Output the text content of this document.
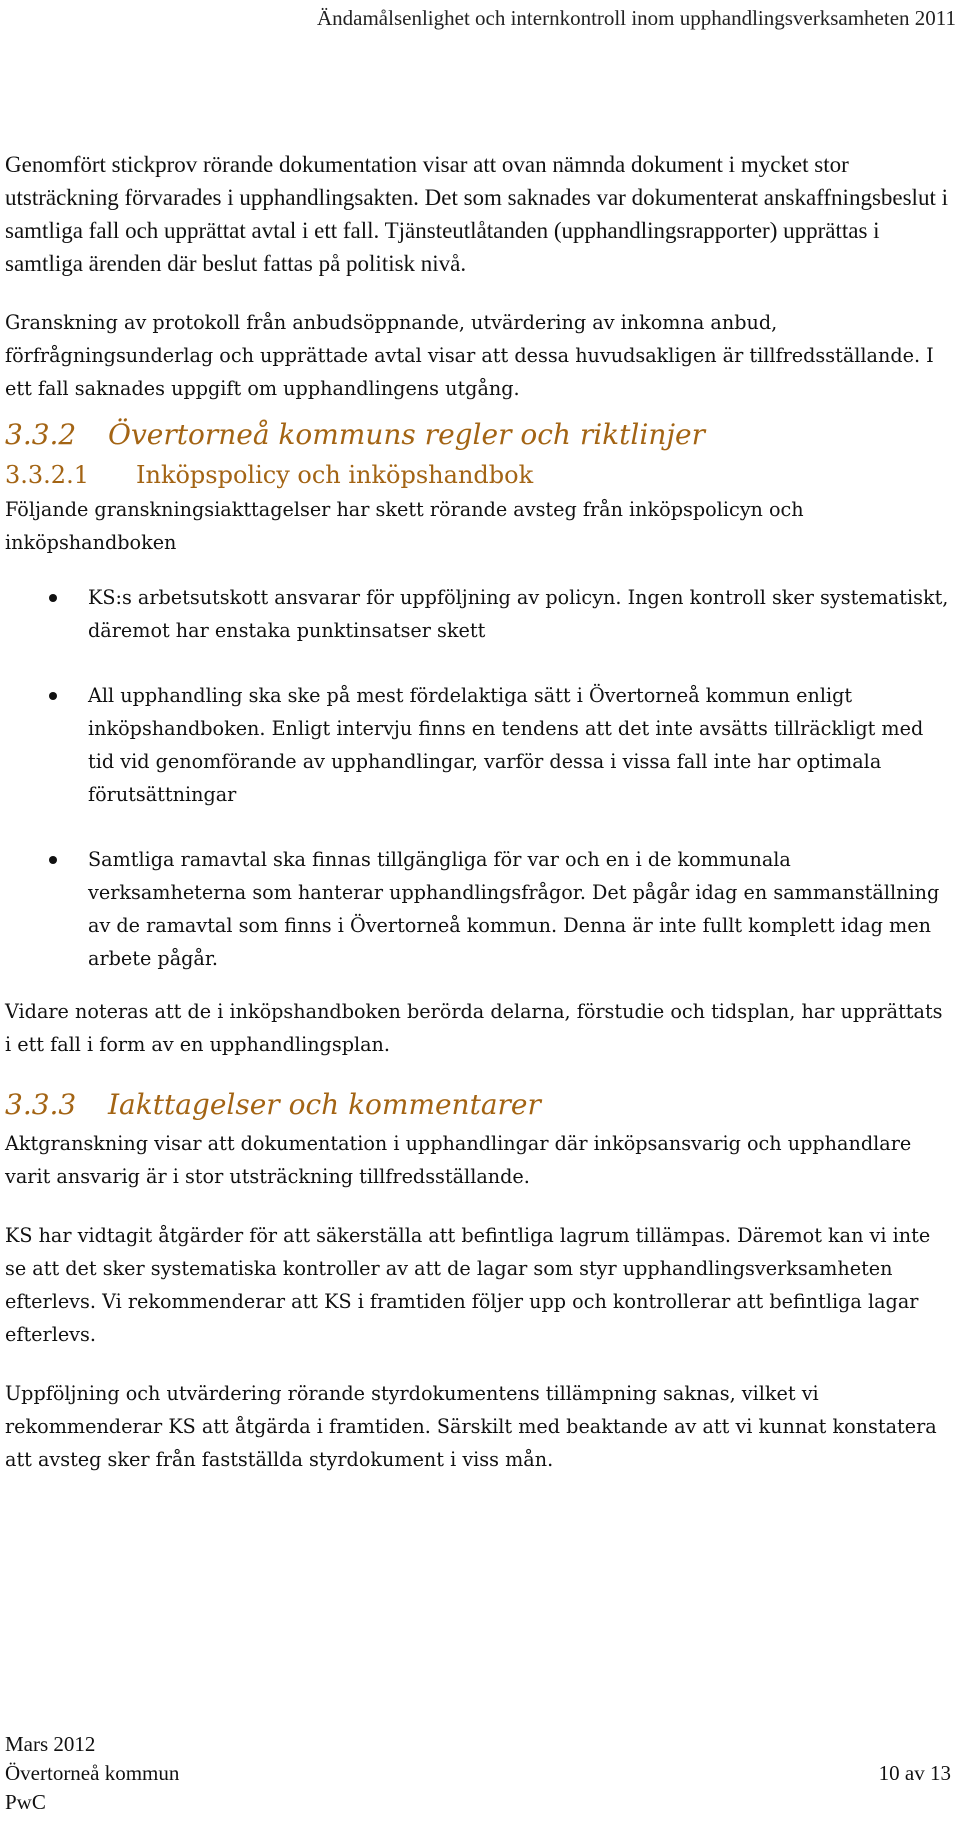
Ändamålsenlighet och internkontroll inom upphandlingsverksamheten 2011

Genomfört stickprov rörande dokumentation visar att ovan nämnda dokument i mycket stor utsträckning förvarades i upphandlingsakten. Det som saknades var dokumenterat anskaffningsbeslut i samtliga fall och upprättat avtal i ett fall. Tjänsteutlåtanden (upphandlingsrapporter) upprättas i samtliga ärenden där beslut fattas på politisk nivå.

Granskning av protokoll från anbudsöppnande, utvärdering av inkomna anbud, förfrågningsunderlag och upprättade avtal visar att dessa huvudsakligen är tillfredsställande. I ett fall saknades uppgift om upphandlingens utgång.

3.3.2 Övertorneå kommuns regler och riktlinjer
3.3.2.1 Inköpspolicy och inköpshandbok

Följande granskningsiakttagelser har skett rörande avsteg från inköpspolicyn och inköpshandboken

KS:s arbetsutskott ansvarar för uppföljning av policyn. Ingen kontroll sker systematiskt, däremot har enstaka punktinsatser skett
All upphandling ska ske på mest fördelaktiga sätt i Övertorneå kommun enligt inköpshandboken. Enligt intervju finns en tendens att det inte avsätts tillräckligt med tid vid genomförande av upphandlingar, varför dessa i vissa fall inte har optimala förutsättningar
Samtliga ramavtal ska finnas tillgängliga för var och en i de kommunala verksamheterna som hanterar upphandlingsfrågor. Det pågår idag en sammanställning av de ramavtal som finns i Övertorneå kommun. Denna är inte fullt komplett idag men arbete pågår.

Vidare noteras att de i inköpshandboken berörda delarna, förstudie och tidsplan, har upprättats i ett fall i form av en upphandlingsplan.

3.3.3 Iakttagelser och kommentarer

Aktgranskning visar att dokumentation i upphandlingar där inköpsansvarig och upphandlare varit ansvarig är i stor utsträckning tillfredsställande.

KS har vidtagit åtgärder för att säkerställa att befintliga lagrum tillämpas. Däremot kan vi inte se att det sker systematiska kontroller av att de lagar som styr upphandlingsverksamheten efterlevs. Vi rekommenderar att KS i framtiden följer upp och kontrollerar att befintliga lagar efterlevs.

Uppföljning och utvärdering rörande styrdokumentens tillämpning saknas, vilket vi rekommenderar KS att åtgärda i framtiden. Särskilt med beaktande av att vi kunnat konstatera att avsteg sker från fastställda styrdokument i viss mån.

Mars 2012
Övertorneå kommun	10 av 13
PwC
